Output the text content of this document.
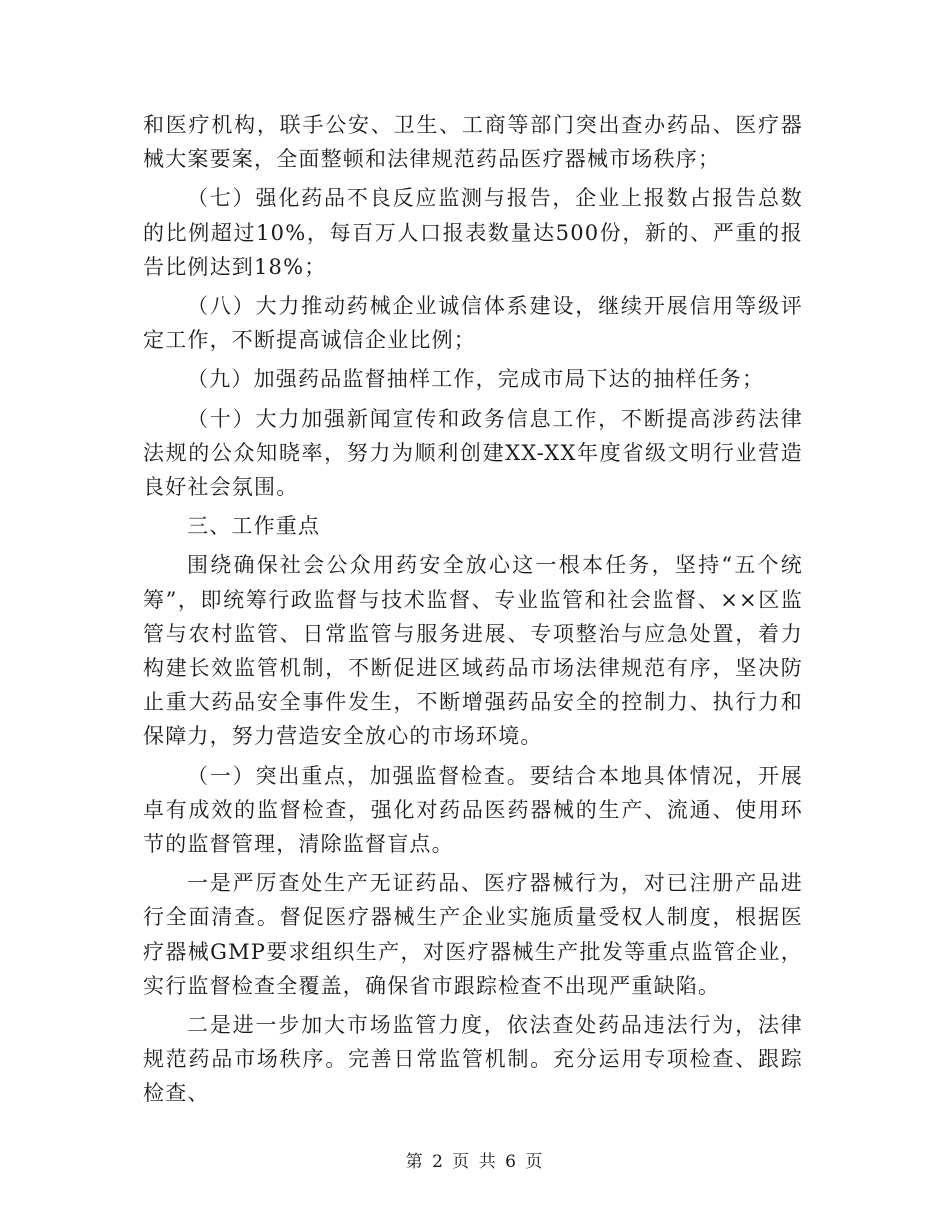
和医疗机构，联手公安、卫生、工商等部门突出查办药品、医疗器械大案要案，全面整顿和法律规范药品医疗器械市场秩序；

（七）强化药品不良反应监测与报告，企业上报数占报告总数的比例超过10%，每百万人口报表数量达500份，新的、严重的报告比例达到18%；

（八）大力推动药械企业诚信体系建设，继续开展信用等级评定工作，不断提高诚信企业比例；

（九）加强药品监督抽样工作，完成市局下达的抽样任务；

（十）大力加强新闻宣传和政务信息工作，不断提高涉药法律法规的公众知晓率，努力为顺利创建XX-XX年度省级文明行业营造良好社会氛围。

三、工作重点

围绕确保社会公众用药安全放心这一根本任务，坚持“五个统筹”，即统筹行政监督与技术监督、专业监管和社会监督、××区监管与农村监管、日常监管与服务进展、专项整治与应急处置，着力构建长效监管机制，不断促进区域药品市场法律规范有序，坚决防止重大药品安全事件发生，不断增强药品安全的控制力、执行力和保障力，努力营造安全放心的市场环境。

（一）突出重点，加强监督检查。要结合本地具体情况，开展卓有成效的监督检查，强化对药品医药器械的生产、流通、使用环节的监督管理，清除监督盲点。

一是严厉查处生产无证药品、医疗器械行为，对已注册产品进行全面清查。督促医疗器械生产企业实施质量受权人制度，根据医疗器械GMP要求组织生产，对医疗器械生产批发等重点监管企业，实行监督检查全覆盖，确保省市跟踪检查不出现严重缺陷。

二是进一步加大市场监管力度，依法查处药品违法行为，法律规范药品市场秩序。完善日常监管机制。充分运用专项检查、跟踪检查、

第 2 页 共 6 页
